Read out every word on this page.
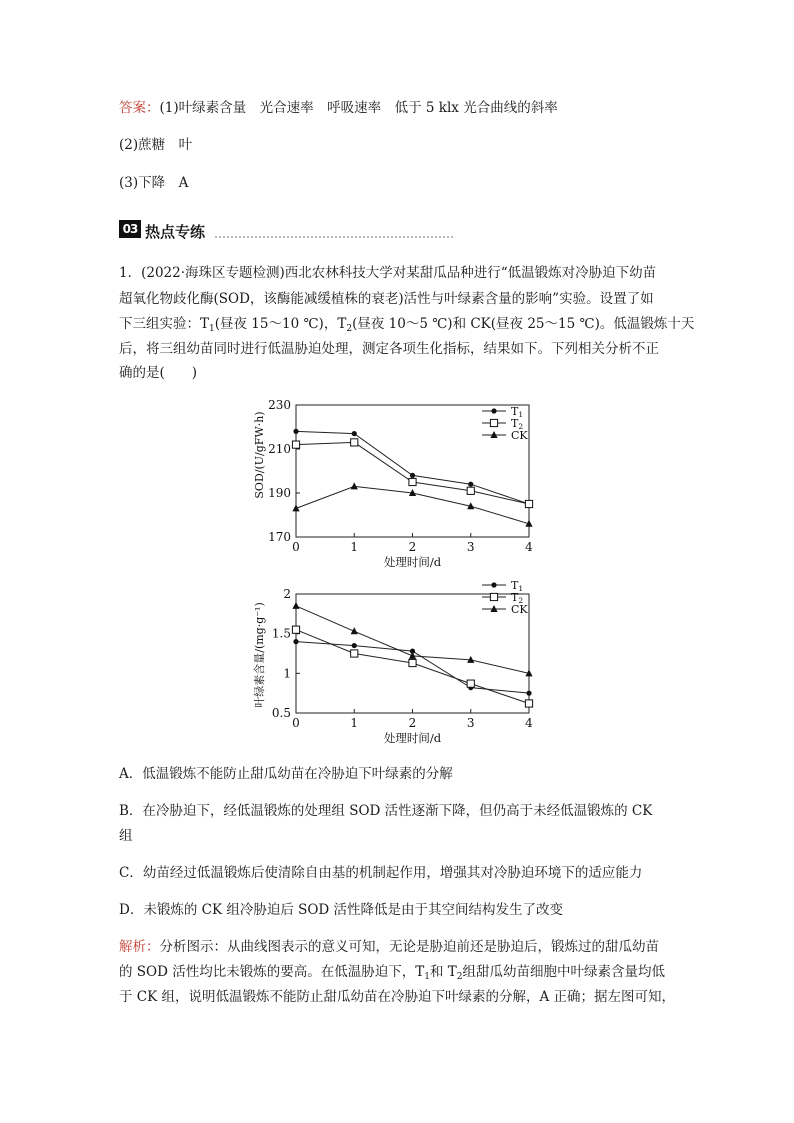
答案：(1)叶绿素含量　光合速率　呼吸速率　低于 5 klx 光合曲线的斜率
(2)蔗糖　叶
(3)下降　A
03 热点专练
1．(2022·海珠区专题检测)西北农林科技大学对某甜瓜品种进行“低温锻炼对冷胁迫下幼苗
超氧化物歧化酶(SOD，该酶能减缓植株的衰老)活性与叶绿素含量的影响”实验。设置了如
下三组实验：$T_1$(昼夜 15～10 ℃)，$T_2$(昼夜 10～5 ℃)和 CK(昼夜 25～15 ℃)。低温锻炼十天
后，将三组幼苗同时进行低温胁迫处理，测定各项生化指标，结果如下。下列相关分析不正
确的是(　　)
0	1	2	3	4
170
190
210
230
处理时间/d
SOD/(U/gFW·h)	T1
T2
CK
0	1	2	3	4
0.5
1
1.5
2
处理时间/d
叶绿素含量/(mg·g⁻¹)
T1
T2
CK
A．低温锻炼不能防止甜瓜幼苗在冷胁迫下叶绿素的分解
B．在冷胁迫下，经低温锻炼的处理组 SOD 活性逐渐下降，但仍高于未经低温锻炼的 CK
组
C．幼苗经过低温锻炼后使清除自由基的机制起作用，增强其对冷胁迫环境下的适应能力
D．未锻炼的 CK 组冷胁迫后 SOD 活性降低是由于其空间结构发生了改变
解析：分析图示：从曲线图表示的意义可知，无论是胁迫前还是胁迫后，锻炼过的甜瓜幼苗
的 SOD 活性均比未锻炼的要高。在低温胁迫下，$T_1$和 $T_2$组甜瓜幼苗细胞中叶绿素含量均低
于 CK 组，说明低温锻炼不能防止甜瓜幼苗在冷胁迫下叶绿素的分解，A 正确；据左图可知，
